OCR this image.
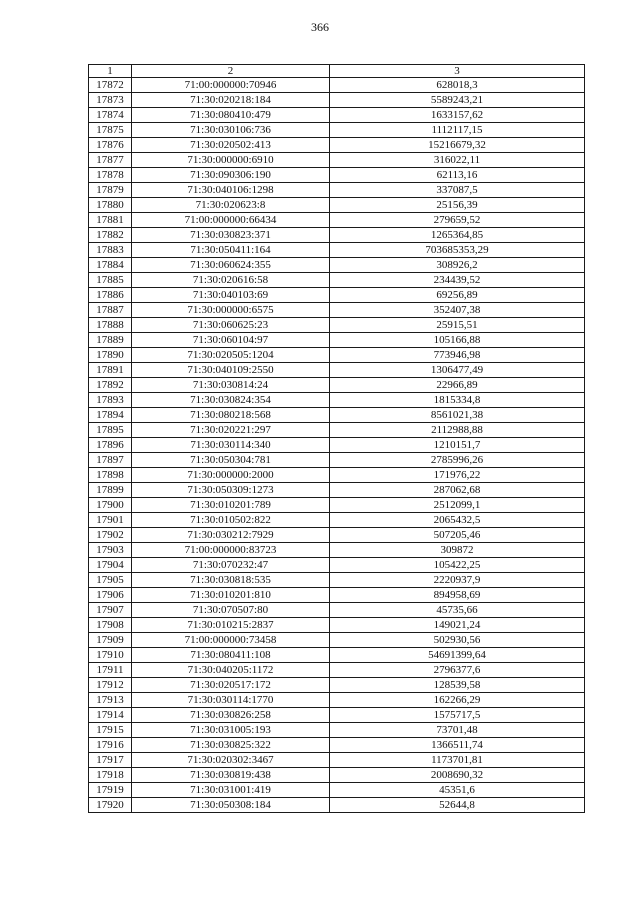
366
1	2	3
17872	71:00:000000:70946	628018,3
17873	71:30:020218:184	5589243,21
17874	71:30:080410:479	1633157,62
17875	71:30:030106:736	1112117,15
17876	71:30:020502:413	15216679,32
17877	71:30:000000:6910	316022,11
17878	71:30:090306:190	62113,16
17879	71:30:040106:1298	337087,5
17880	71:30:020623:8	25156,39
17881	71:00:000000:66434	279659,52
17882	71:30:030823:371	1265364,85
17883	71:30:050411:164	703685353,29
17884	71:30:060624:355	308926,2
17885	71:30:020616:58	234439,52
17886	71:30:040103:69	69256,89
17887	71:30:000000:6575	352407,38
17888	71:30:060625:23	25915,51
17889	71:30:060104:97	105166,88
17890	71:30:020505:1204	773946,98
17891	71:30:040109:2550	1306477,49
17892	71:30:030814:24	22966,89
17893	71:30:030824:354	1815334,8
17894	71:30:080218:568	8561021,38
17895	71:30:020221:297	2112988,88
17896	71:30:030114:340	1210151,7
17897	71:30:050304:781	2785996,26
17898	71:30:000000:2000	171976,22
17899	71:30:050309:1273	287062,68
17900	71:30:010201:789	2512099,1
17901	71:30:010502:822	2065432,5
17902	71:30:030212:7929	507205,46
17903	71:00:000000:83723	309872
17904	71:30:070232:47	105422,25
17905	71:30:030818:535	2220937,9
17906	71:30:010201:810	894958,69
17907	71:30:070507:80	45735,66
17908	71:30:010215:2837	149021,24
17909	71:00:000000:73458	502930,56
17910	71:30:080411:108	54691399,64
17911	71:30:040205:1172	2796377,6
17912	71:30:020517:172	128539,58
17913	71:30:030114:1770	162266,29
17914	71:30:030826:258	1575717,5
17915	71:30:031005:193	73701,48
17916	71:30:030825:322	1366511,74
17917	71:30:020302:3467	1173701,81
17918	71:30:030819:438	2008690,32
17919	71:30:031001:419	45351,6
17920	71:30:050308:184	52644,8
